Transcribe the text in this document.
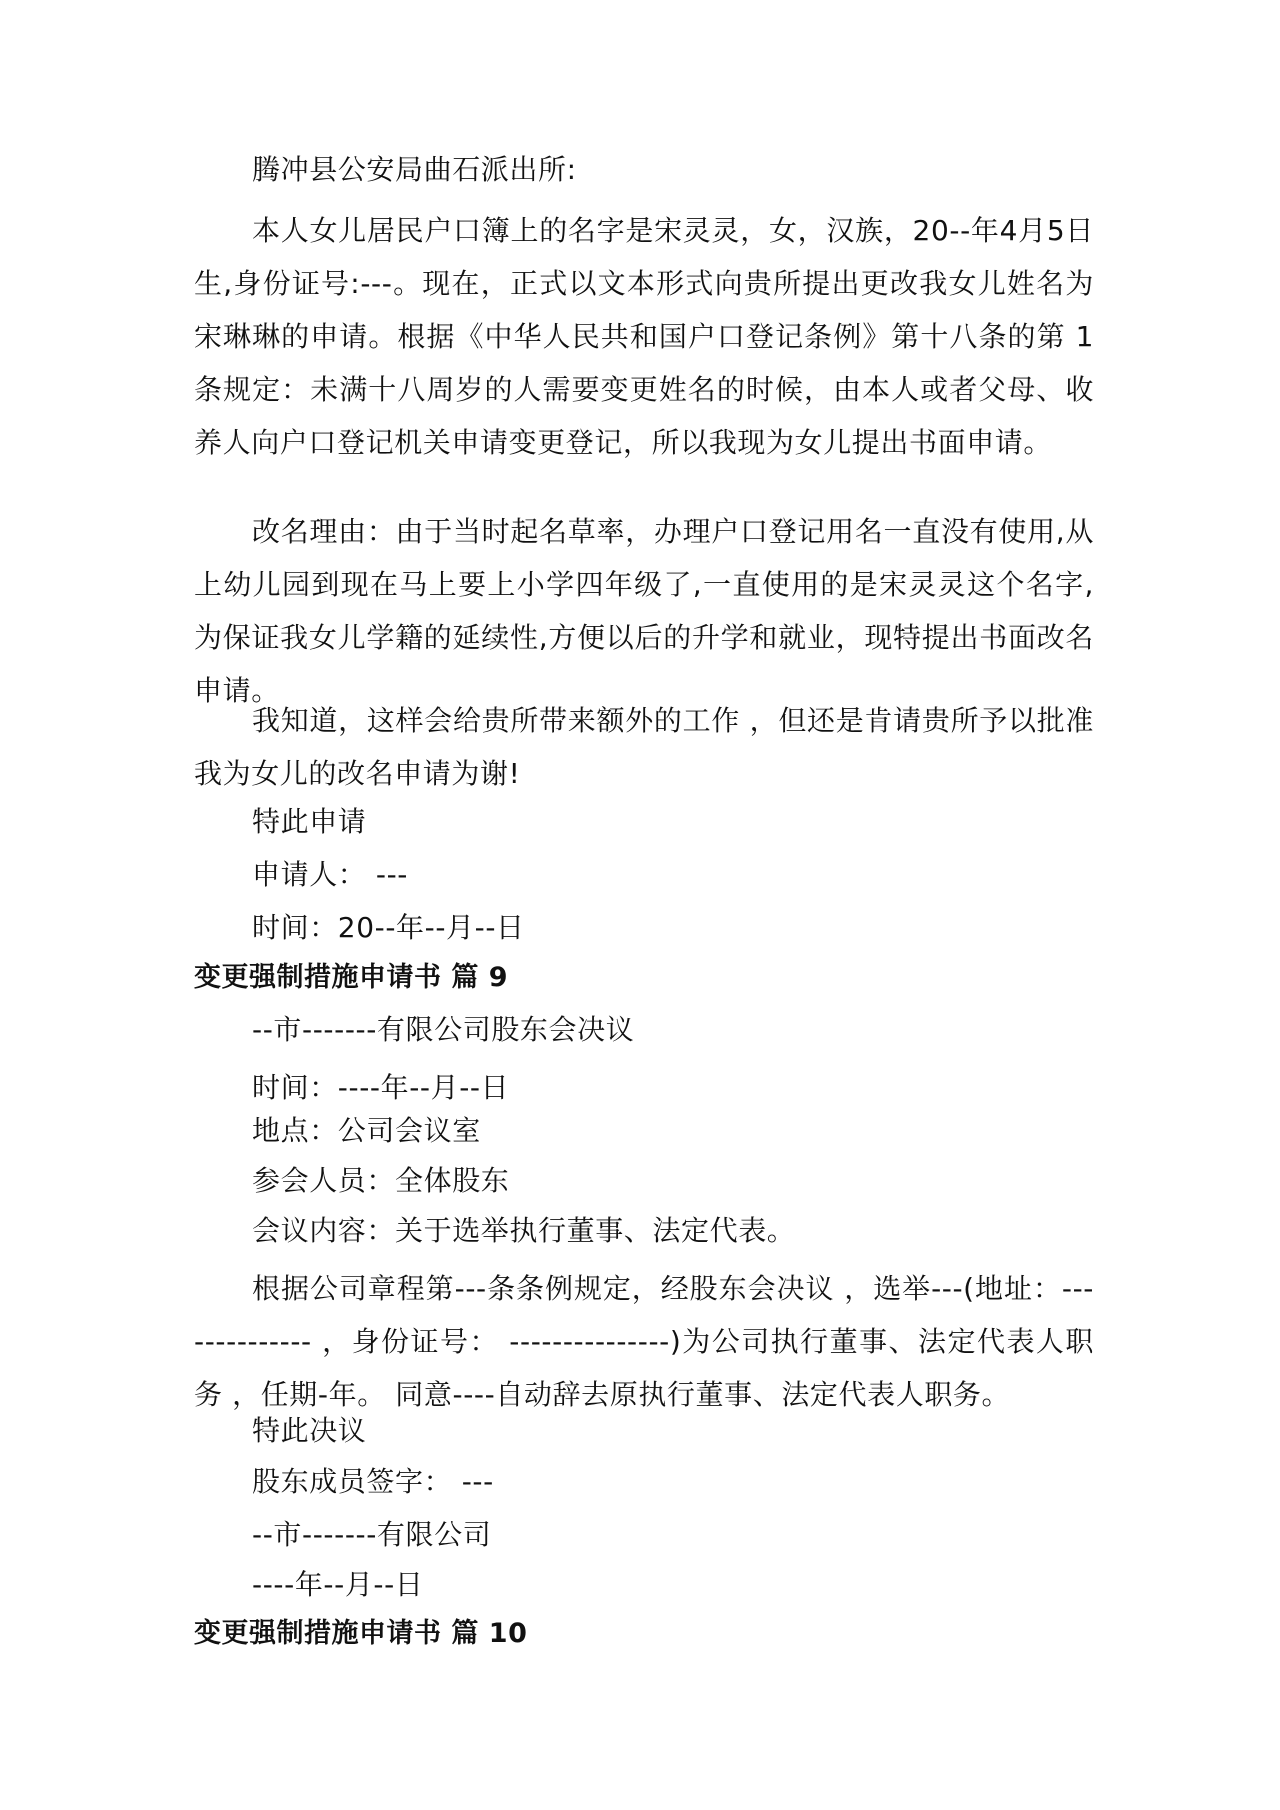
腾冲县公安局曲石派出所:

本人女儿居民户口簿上的名字是宋灵灵，女，汉族，20--年4月5日生,身份证号:---。现在，正式以文本形式向贵所提出更改我女儿姓名为宋琳琳的申请。根据《中华人民共和国户口登记条例》第十八条的第 1 条规定：未满十八周岁的人需要变更姓名的时候，由本人或者父母、收养人向户口登记机关申请变更登记，所以我现为女儿提出书面申请。

改名理由：由于当时起名草率，办理户口登记用名一直没有使用,从上幼儿园到现在马上要上小学四年级了,一直使用的是宋灵灵这个名字,为保证我女儿学籍的延续性,方便以后的升学和就业，现特提出书面改名申请。

我知道，这样会给贵所带来额外的工作 ，但还是肯请贵所予以批准我为女儿的改名申请为谢!

特此申请

申请人： ---

时间：20--年--月--日

变更强制措施申请书 篇 9

--市-------有限公司股东会决议

时间：----年--月--日

地点：公司会议室

参会人员：全体股东

会议内容：关于选举执行董事、法定代表。

根据公司章程第---条条例规定，经股东会决议 ，选举---(地址：-------------- ，身份证号： ---------------)为公司执行董事、法定代表人职务 ，任期-年。 同意----自动辞去原执行董事、法定代表人职务。

特此决议

股东成员签字： ---

--市-------有限公司

----年--月--日

变更强制措施申请书 篇 10
